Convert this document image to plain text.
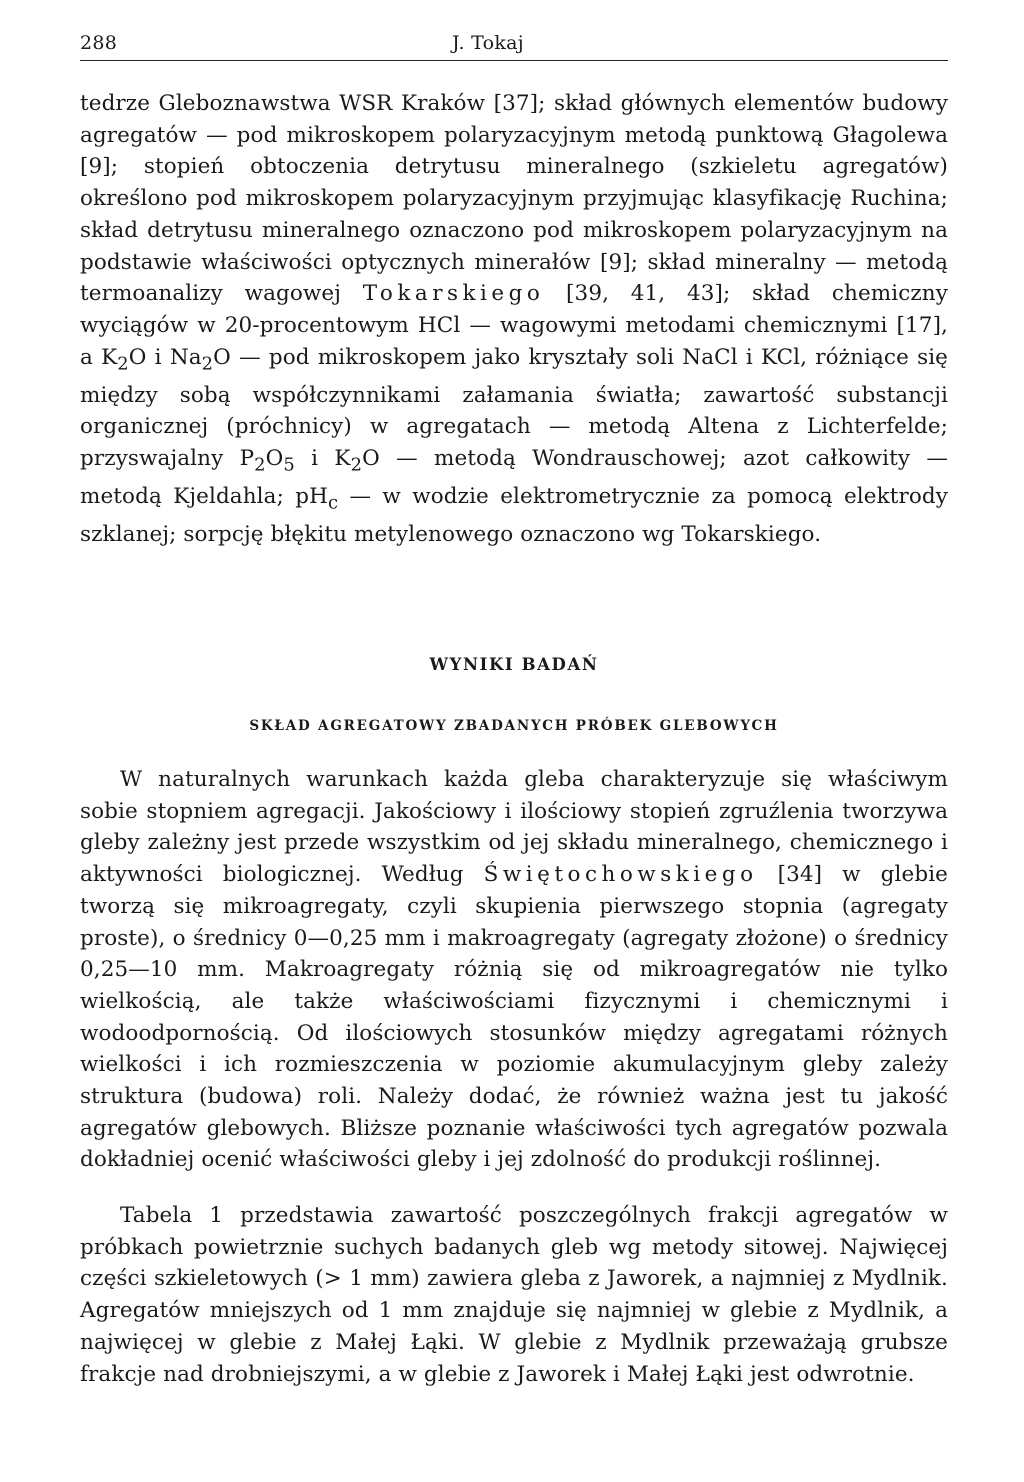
288	J. Tokaj

tedrze Gleboznawstwa WSR Kraków [37]; skład głównych elementów budowy agregatów — pod mikroskopem polaryzacyjnym metodą punktową Głagolewa [9]; stopień obtoczenia detrytusu mineralnego (szkieletu agregatów) określono pod mikroskopem polaryzacyjnym przyjmując klasyfikację Ruchina; skład detrytusu mineralnego oznaczono pod mikroskopem polaryzacyjnym na podstawie właściwości optycznych minerałów [9]; skład mineralny — metodą termoanalizy wagowej Tokarskiego [39, 41, 43]; skład chemiczny wyciągów w 20-procentowym HCl — wagowymi metodami chemicznymi [17], a $K_2O$ i $Na_2O$ — pod mikroskopem jako kryształy soli NaCl i KCl, różniące się między sobą współczynnikami załamania światła; zawartość substancji organicznej (próchnicy) w agregatach — metodą Altena z Lichterfelde; przyswajalny $P_2O_5$ i $K_2O$ — metodą Wondrauschowej; azot całkowity — metodą Kjeldahla; $pH_c$ — w wodzie elektrometrycznie za pomocą elektrody szklanej; sorpcję błękitu metylenowego oznaczono wg Tokarskiego.

WYNIKI BADAŃ
SKŁAD AGREGATOWY ZBADANYCH PRÓBEK GLEBOWYCH

W naturalnych warunkach każda gleba charakteryzuje się właściwym sobie stopniem agregacji. Jakościowy i ilościowy stopień zgruźlenia tworzywa gleby zależny jest przede wszystkim od jej składu mineralnego, chemicznego i aktywności biologicznej. Według Świętochowskiego [34] w glebie tworzą się mikroagregaty, czyli skupienia pierwszego stopnia (agregaty proste), o średnicy 0—0,25 mm i makroagregaty (agregaty złożone) o średnicy 0,25—10 mm. Makroagregaty różnią się od mikroagregatów nie tylko wielkością, ale także właściwościami fizycznymi i chemicznymi i wodoodpornością. Od ilościowych stosunków między agregatami różnych wielkości i ich rozmieszczenia w poziomie akumulacyjnym gleby zależy struktura (budowa) roli. Należy dodać, że również ważna jest tu jakość agregatów glebowych. Bliższe poznanie właściwości tych agregatów pozwala dokładniej ocenić właściwości gleby i jej zdolność do produkcji roślinnej.

Tabela 1 przedstawia zawartość poszczególnych frakcji agregatów w próbkach powietrznie suchych badanych gleb wg metody sitowej. Najwięcej części szkieletowych (> 1 mm) zawiera gleba z Jaworek, a najmniej z Mydlnik. Agregatów mniejszych od 1 mm znajduje się najmniej w glebie z Mydlnik, a najwięcej w glebie z Małej Łąki. W glebie z Mydlnik przeważają grubsze frakcje nad drobniejszymi, a w glebie z Jaworek i Małej Łąki jest odwrotnie.
